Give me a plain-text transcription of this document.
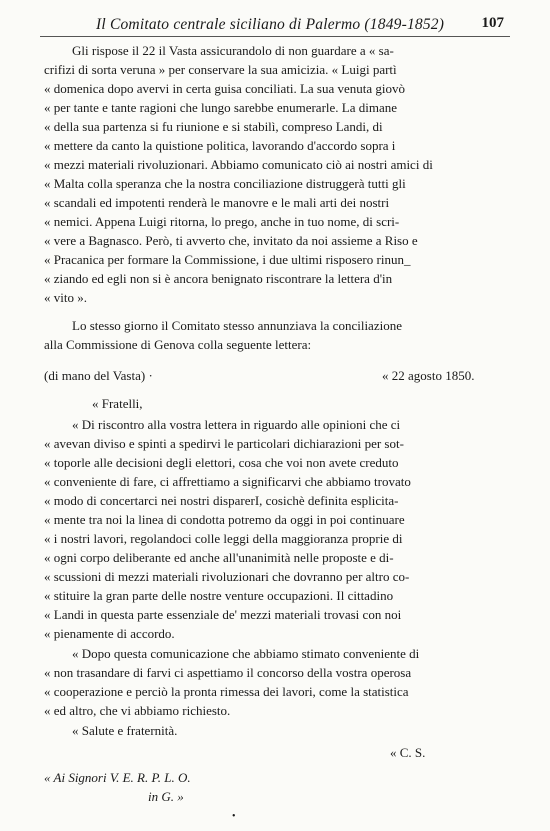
Il Comitato centrale siciliano di Palermo (1849-1852) 107
Gli rispose il 22 il Vasta assicurandolo di non guardare a « sa-
crifizi di sorta veruna » per conservare la sua amicizia. « Luigi partì
« domenica dopo avervi in certa guisa conciliati. La sua venuta giovò
« per tante e tante ragioni che lungo sarebbe enumerarle. La dimane
« della sua partenza si fu riunione e si stabilì, compreso Landi, di
« mettere da canto la quistione politica, lavorando d'accordo sopra i
« mezzi materiali rivoluzionari. Abbiamo comunicato ciò ai nostri amici di
« Malta colla speranza che la nostra conciliazione distruggerà tutti gli
« scandali ed impotenti renderà le manovre e le mali arti dei nostri
« nemici. Appena Luigi ritorna, lo prego, anche in tuo nome, di scri-
« vere a Bagnasco. Però, ti avverto che, invitato da noi assieme a Riso e
« Pracanica per formare la Commissione, i due ultimi risposero rinun_
« ziando ed egli non si è ancora benignato riscontrare la lettera d'in
« vito ».
Lo stesso giorno il Comitato stesso annunziava la conciliazione
alla Commissione di Genova colla seguente lettera:
(di mano del Vasta) ·	« 22 agosto 1850.
« Fratelli,
« Di riscontro alla vostra lettera in riguardo alle opinioni che ci
« avevan diviso e spinti a spedirvi le particolari dichiarazioni per sot-
« toporle alle decisioni degli elettori, cosa che voi non avete creduto
« conveniente di fare, ci affrettiamo a significarvi che abbiamo trovato
« modo di concertarci nei nostri disparerI, cosichè definita esplicita-
« mente tra noi la linea di condotta potremo da oggi in poi continuare
« i nostri lavori, regolandoci colle leggi della maggioranza proprie di
« ogni corpo deliberante ed anche all'unanimità nelle proposte e di-
« scussioni di mezzi materiali rivoluzionari che dovranno per altro co-
« stituire la gran parte delle nostre venture occupazioni. Il cittadino
« Landi in questa parte essenziale de' mezzi materiali trovasi con noi
« pienamente di accordo.
« Dopo questa comunicazione che abbiamo stimato conveniente di
« non trasandare di farvi ci aspettiamo il concorso della vostra operosa
« cooperazione e perciò la pronta rimessa dei lavori, come la statistica
« ed altro, che vi abbiamo richiesto.
« Salute e fraternità.
« C. S.
« Ai Signori V. E. R. P. L. O.
in G. »
•
